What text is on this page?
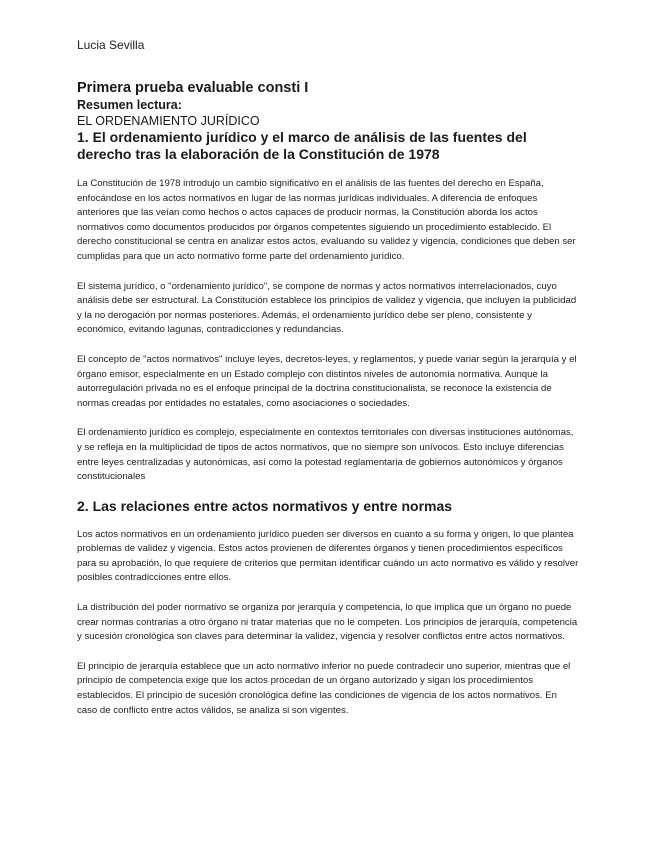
Lucia Sevilla
Primera prueba evaluable consti I
Resumen lectura:
EL ORDENAMIENTO JURÍDICO
1. El ordenamiento jurídico y el marco de análisis de las fuentes del derecho tras la elaboración de la Constitución de 1978

La Constitución de 1978 introdujo un cambio significativo en el análisis de las fuentes del derecho en España, enfocándose en los actos normativos en lugar de las normas jurídicas individuales. A diferencia de enfoques anteriores que las veían como hechos o actos capaces de producir normas, la Constitución aborda los actos normativos como documentos producidos por órganos competentes siguiendo un procedimiento establecido. El derecho constitucional se centra en analizar estos actos, evaluando su validez y vigencia, condiciones que deben ser cumplidas para que un acto normativo forme parte del ordenamiento jurídico.

El sistema jurídico, o "ordenamiento jurídico", se compone de normas y actos normativos interrelacionados, cuyo análisis debe ser estructural. La Constitución establece los principios de validez y vigencia, que incluyen la publicidad y la no derogación por normas posteriores. Además, el ordenamiento jurídico debe ser pleno, consistente y económico, evitando lagunas, contradicciones y redundancias.

El concepto de "actos normativos" incluye leyes, decretos-leyes, y reglamentos, y puede variar según la jerarquía y el órgano emisor, especialmente en un Estado complejo con distintos niveles de autonomía normativa. Aunque la autorregulación privada no es el enfoque principal de la doctrina constitucionalista, se reconoce la existencia de normas creadas por entidades no estatales, como asociaciones o sociedades.

El ordenamiento jurídico es complejo, especialmente en contextos territoriales con diversas instituciones autónomas, y se refleja en la multiplicidad de tipos de actos normativos, que no siempre son unívocos. Esto incluye diferencias entre leyes centralizadas y autonómicas, así como la potestad reglamentaria de gobiernos autonómicos y órganos constitucionales

2. Las relaciones entre actos normativos y entre normas

Los actos normativos en un ordenamiento jurídico pueden ser diversos en cuanto a su forma y origen, lo que plantea problemas de validez y vigencia. Estos actos provienen de diferentes órganos y tienen procedimientos específicos para su aprobación, lo que requiere de criterios que permitan identificar cuándo un acto normativo es válido y resolver posibles contradicciones entre ellos.

La distribución del poder normativo se organiza por jerarquía y competencia, lo que implica que un órgano no puede crear normas contrarias a otro órgano ni tratar materias que no le competen. Los principios de jerarquía, competencia y sucesión cronológica son claves para determinar la validez, vigencia y resolver conflictos entre actos normativos.

El principio de jerarquía establece que un acto normativo inferior no puede contradecir uno superior, mientras que el principio de competencia exige que los actos procedan de un órgano autorizado y sigan los procedimientos establecidos. El principio de sucesión cronológica define las condiciones de vigencia de los actos normativos. En caso de conflicto entre actos válidos, se analiza si son vigentes.
